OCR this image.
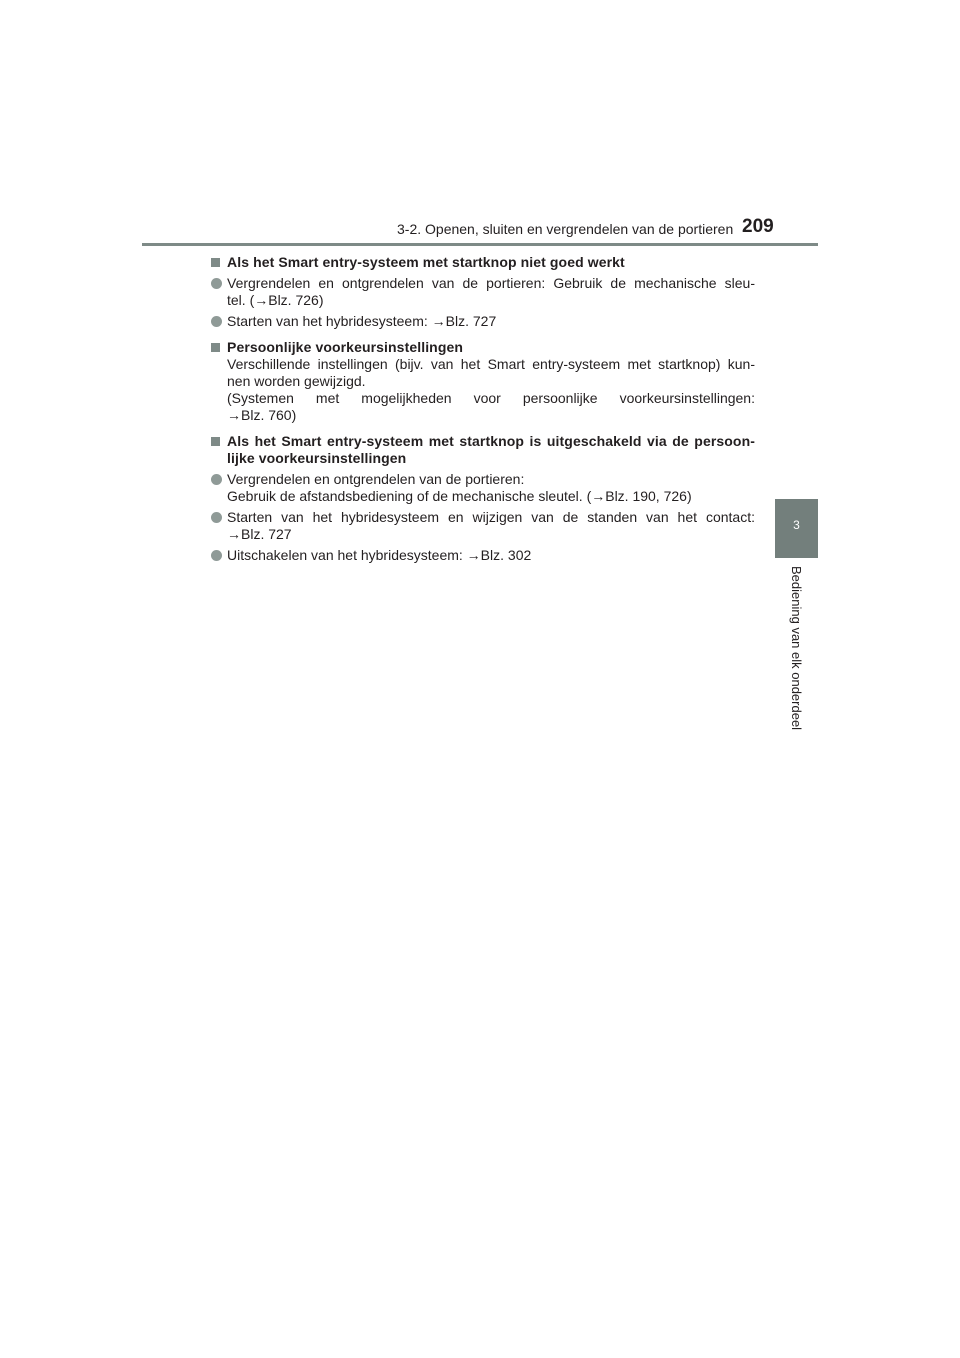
3-2. Openen, sluiten en vergrendelen van de portieren 209
3
Bediening van elk onderdeel
Als het Smart entry-systeem met startknop niet goed werkt
Vergrendelen en ontgrendelen van de portieren: Gebruik de mechanische sleu-
tel. (→Blz. 726)
Starten van het hybridesysteem: →Blz. 727
Persoonlijke voorkeursinstellingen
Verschillende instellingen (bijv. van het Smart entry-systeem met startknop) kun-
nen worden gewijzigd.
(Systemen met mogelijkheden voor persoonlijke voorkeursinstellingen:
→Blz. 760)
Als het Smart entry-systeem met startknop is uitgeschakeld via de persoon-
lijke voorkeursinstellingen
Vergrendelen en ontgrendelen van de portieren:
Gebruik de afstandsbediening of de mechanische sleutel. (→Blz. 190, 726)
Starten van het hybridesysteem en wijzigen van de standen van het contact:
→Blz. 727
Uitschakelen van het hybridesysteem: →Blz. 302
